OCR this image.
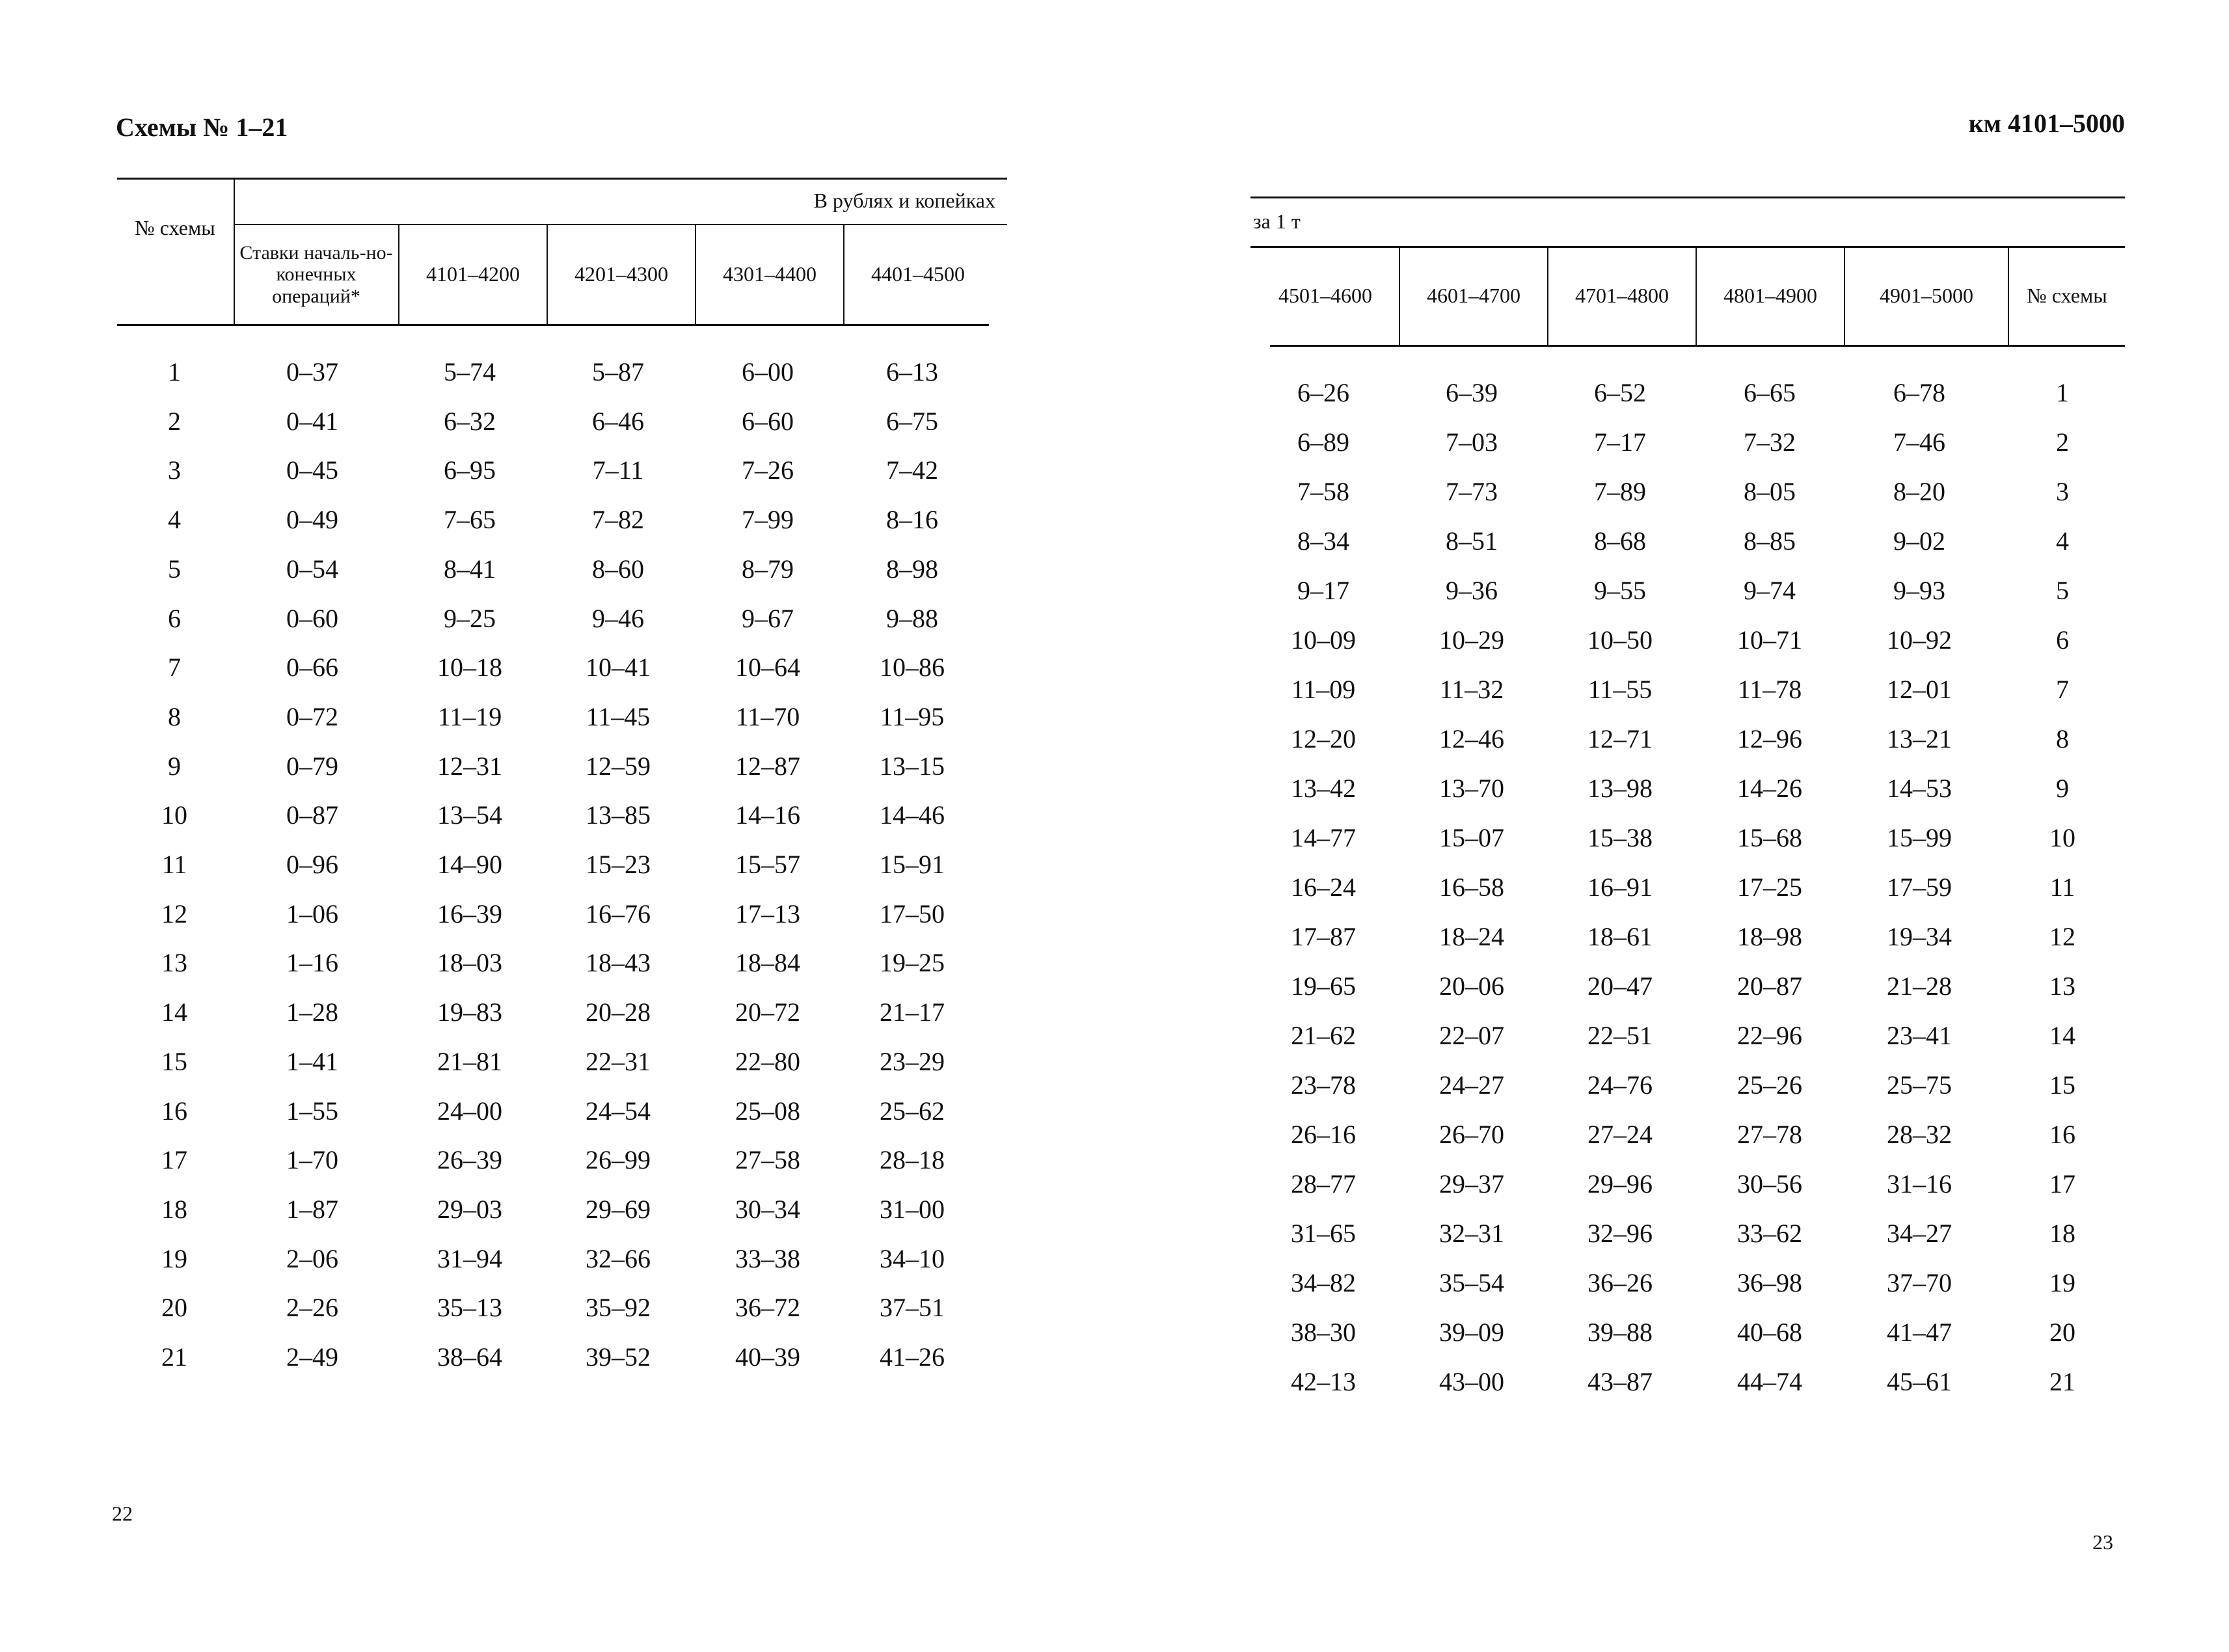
Схемы № 1–21
В рублях и копейках
№ схемы
Ставки началь-но-конечных операций*
4101–4200	4201–4300	4301–4400	4401–4500
1	0–37	5–74	5–87	6–00	6–13
2	0–41	6–32	6–46	6–60	6–75
3	0–45	6–95	7–11	7–26	7–42
4	0–49	7–65	7–82	7–99	8–16
5	0–54	8–41	8–60	8–79	8–98
6	0–60	9–25	9–46	9–67	9–88
7	0–66	10–18	10–41	10–64	10–86
8	0–72	11–19	11–45	11–70	11–95
9	0–79	12–31	12–59	12–87	13–15
10	0–87	13–54	13–85	14–16	14–46
11	0–96	14–90	15–23	15–57	15–91
12	1–06	16–39	16–76	17–13	17–50
13	1–16	18–03	18–43	18–84	19–25
14	1–28	19–83	20–28	20–72	21–17
15	1–41	21–81	22–31	22–80	23–29
16	1–55	24–00	24–54	25–08	25–62
17	1–70	26–39	26–99	27–58	28–18
18	1–87	29–03	29–69	30–34	31–00
19	2–06	31–94	32–66	33–38	34–10
20	2–26	35–13	35–92	36–72	37–51
21	2–49	38–64	39–52	40–39	41–26
22
км 4101–5000
за 1 т
4501–4600	4601–4700	4701–4800	4801–4900	4901–5000	№ схемы
6–26	6–39	6–52	6–65	6–78	1
6–89	7–03	7–17	7–32	7–46	2
7–58	7–73	7–89	8–05	8–20	3
8–34	8–51	8–68	8–85	9–02	4
9–17	9–36	9–55	9–74	9–93	5
10–09	10–29	10–50	10–71	10–92	6
11–09	11–32	11–55	11–78	12–01	7
12–20	12–46	12–71	12–96	13–21	8
13–42	13–70	13–98	14–26	14–53	9
14–77	15–07	15–38	15–68	15–99	10
16–24	16–58	16–91	17–25	17–59	11
17–87	18–24	18–61	18–98	19–34	12
19–65	20–06	20–47	20–87	21–28	13
21–62	22–07	22–51	22–96	23–41	14
23–78	24–27	24–76	25–26	25–75	15
26–16	26–70	27–24	27–78	28–32	16
28–77	29–37	29–96	30–56	31–16	17
31–65	32–31	32–96	33–62	34–27	18
34–82	35–54	36–26	36–98	37–70	19
38–30	39–09	39–88	40–68	41–47	20
42–13	43–00	43–87	44–74	45–61	21
23
